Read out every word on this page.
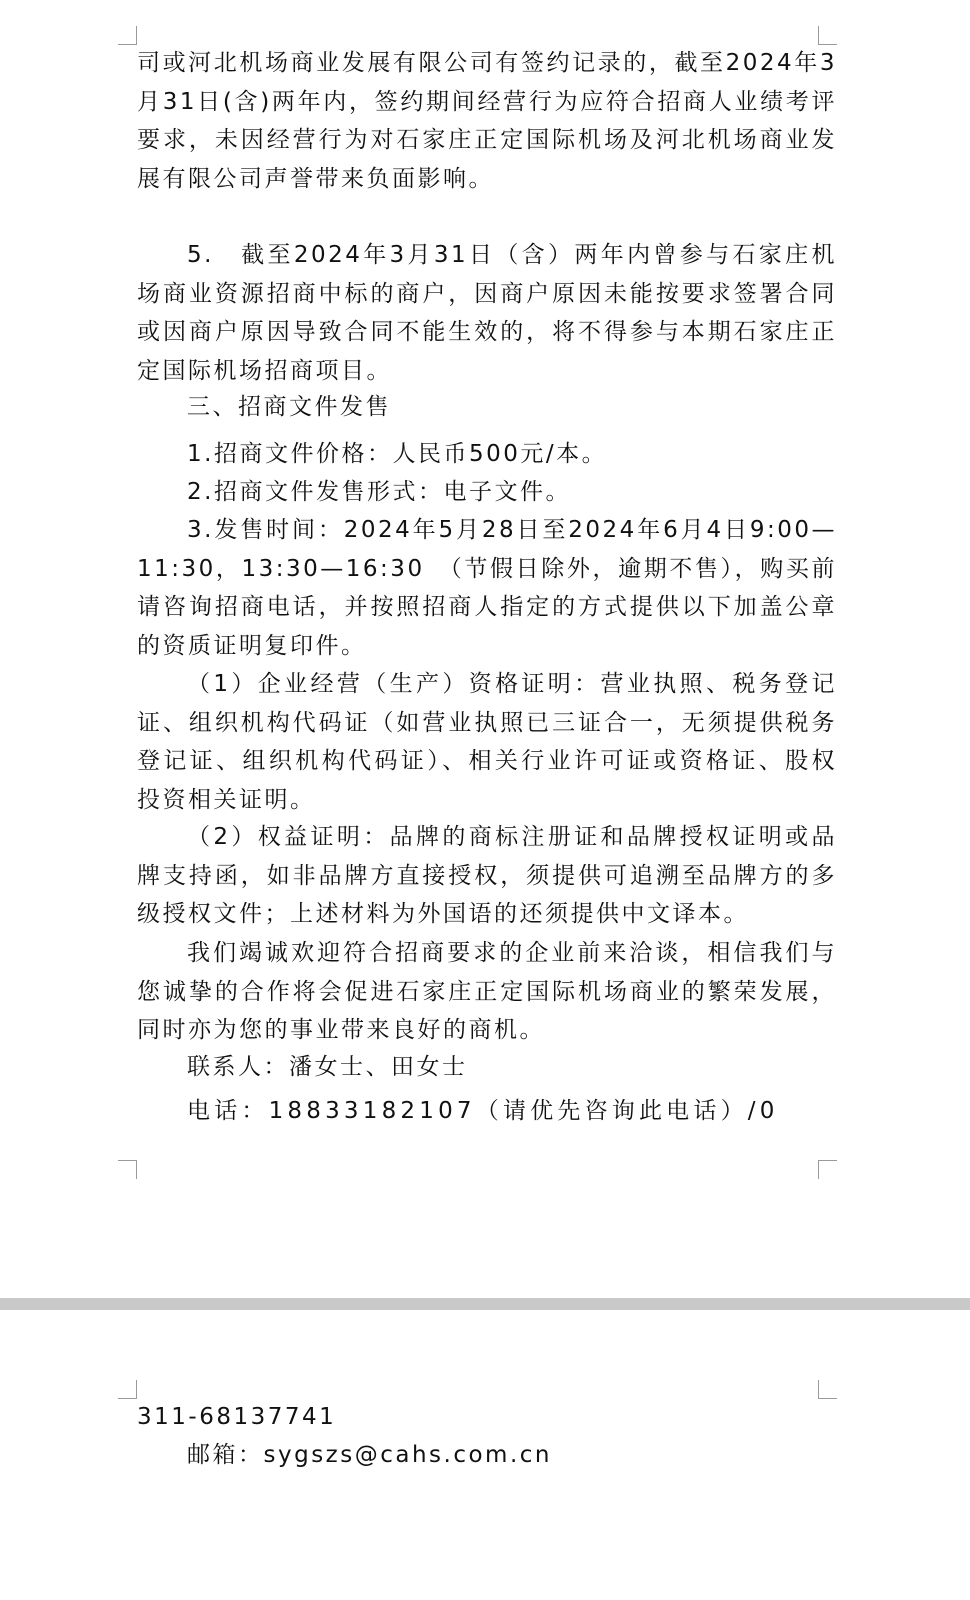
司或河北机场商业发展有限公司有签约记录的，截至2024年3月31日(含)两年内，签约期间经营行为应符合招商人业绩考评要求，未因经营行为对石家庄正定国际机场及河北机场商业发展有限公司声誉带来负面影响。

5.　截至2024年3月31日（含）两年内曾参与石家庄机场商业资源招商中标的商户，因商户原因未能按要求签署合同或因商户原因导致合同不能生效的，将不得参与本期石家庄正定国际机场招商项目。

三、招商文件发售

1.招商文件价格：人民币500元/本。

2.招商文件发售形式：电子文件。

3.发售时间：2024年5月28日至2024年6月4日9:00—11:30，13:30—16:30　（节假日除外，逾期不售），购买前请咨询招商电话，并按照招商人指定的方式提供以下加盖公章的资质证明复印件。

（1）企业经营（生产）资格证明：营业执照、税务登记证、组织机构代码证（如营业执照已三证合一，无须提供税务登记证、组织机构代码证）、相关行业许可证或资格证、股权投资相关证明。

（2）权益证明：品牌的商标注册证和品牌授权证明或品牌支持函，如非品牌方直接授权，须提供可追溯至品牌方的多级授权文件；上述材料为外国语的还须提供中文译本。

我们竭诚欢迎符合招商要求的企业前来洽谈，相信我们与您诚挚的合作将会促进石家庄正定国际机场商业的繁荣发展，同时亦为您的事业带来良好的商机。

联系人：潘女士、田女士

电话：18833182107（请优先咨询此电话）/0

311-68137741

邮箱：sygszs@cahs.com.cn
